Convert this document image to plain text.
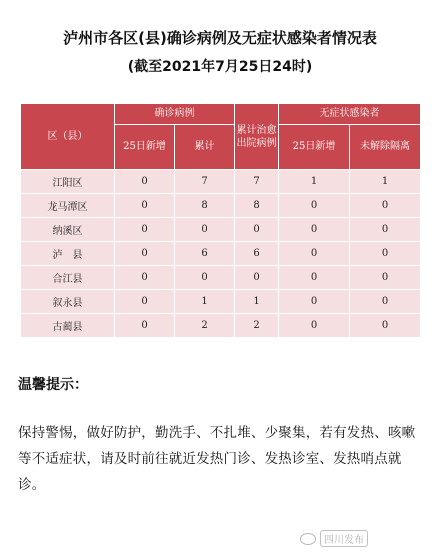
泸州市各区(县)确诊病例及无症状感染者情况表
(截至2021年7月25日24时)
区（县）	确诊病例		累计治愈出院病例	无症状感染者	
	25日新增	累计		25日新增	未解除隔离
江阳区	0	7	7	1	1
龙马潭区	0	8	8	0	0
纳溪区	0	0	0	0	0
泸　县	0	6	6	0	0
合江县	0	0	0	0	0
叙永县	0	1	1	0	0
古蔺县	0	2	2	0	0
温馨提示：
保持警惕，做好防护，勤洗手、不扎堆、少聚集，若有发热、咳嗽等不适症状，请及时前往就近发热门诊、发热诊室、发热哨点就诊。
四川发布
